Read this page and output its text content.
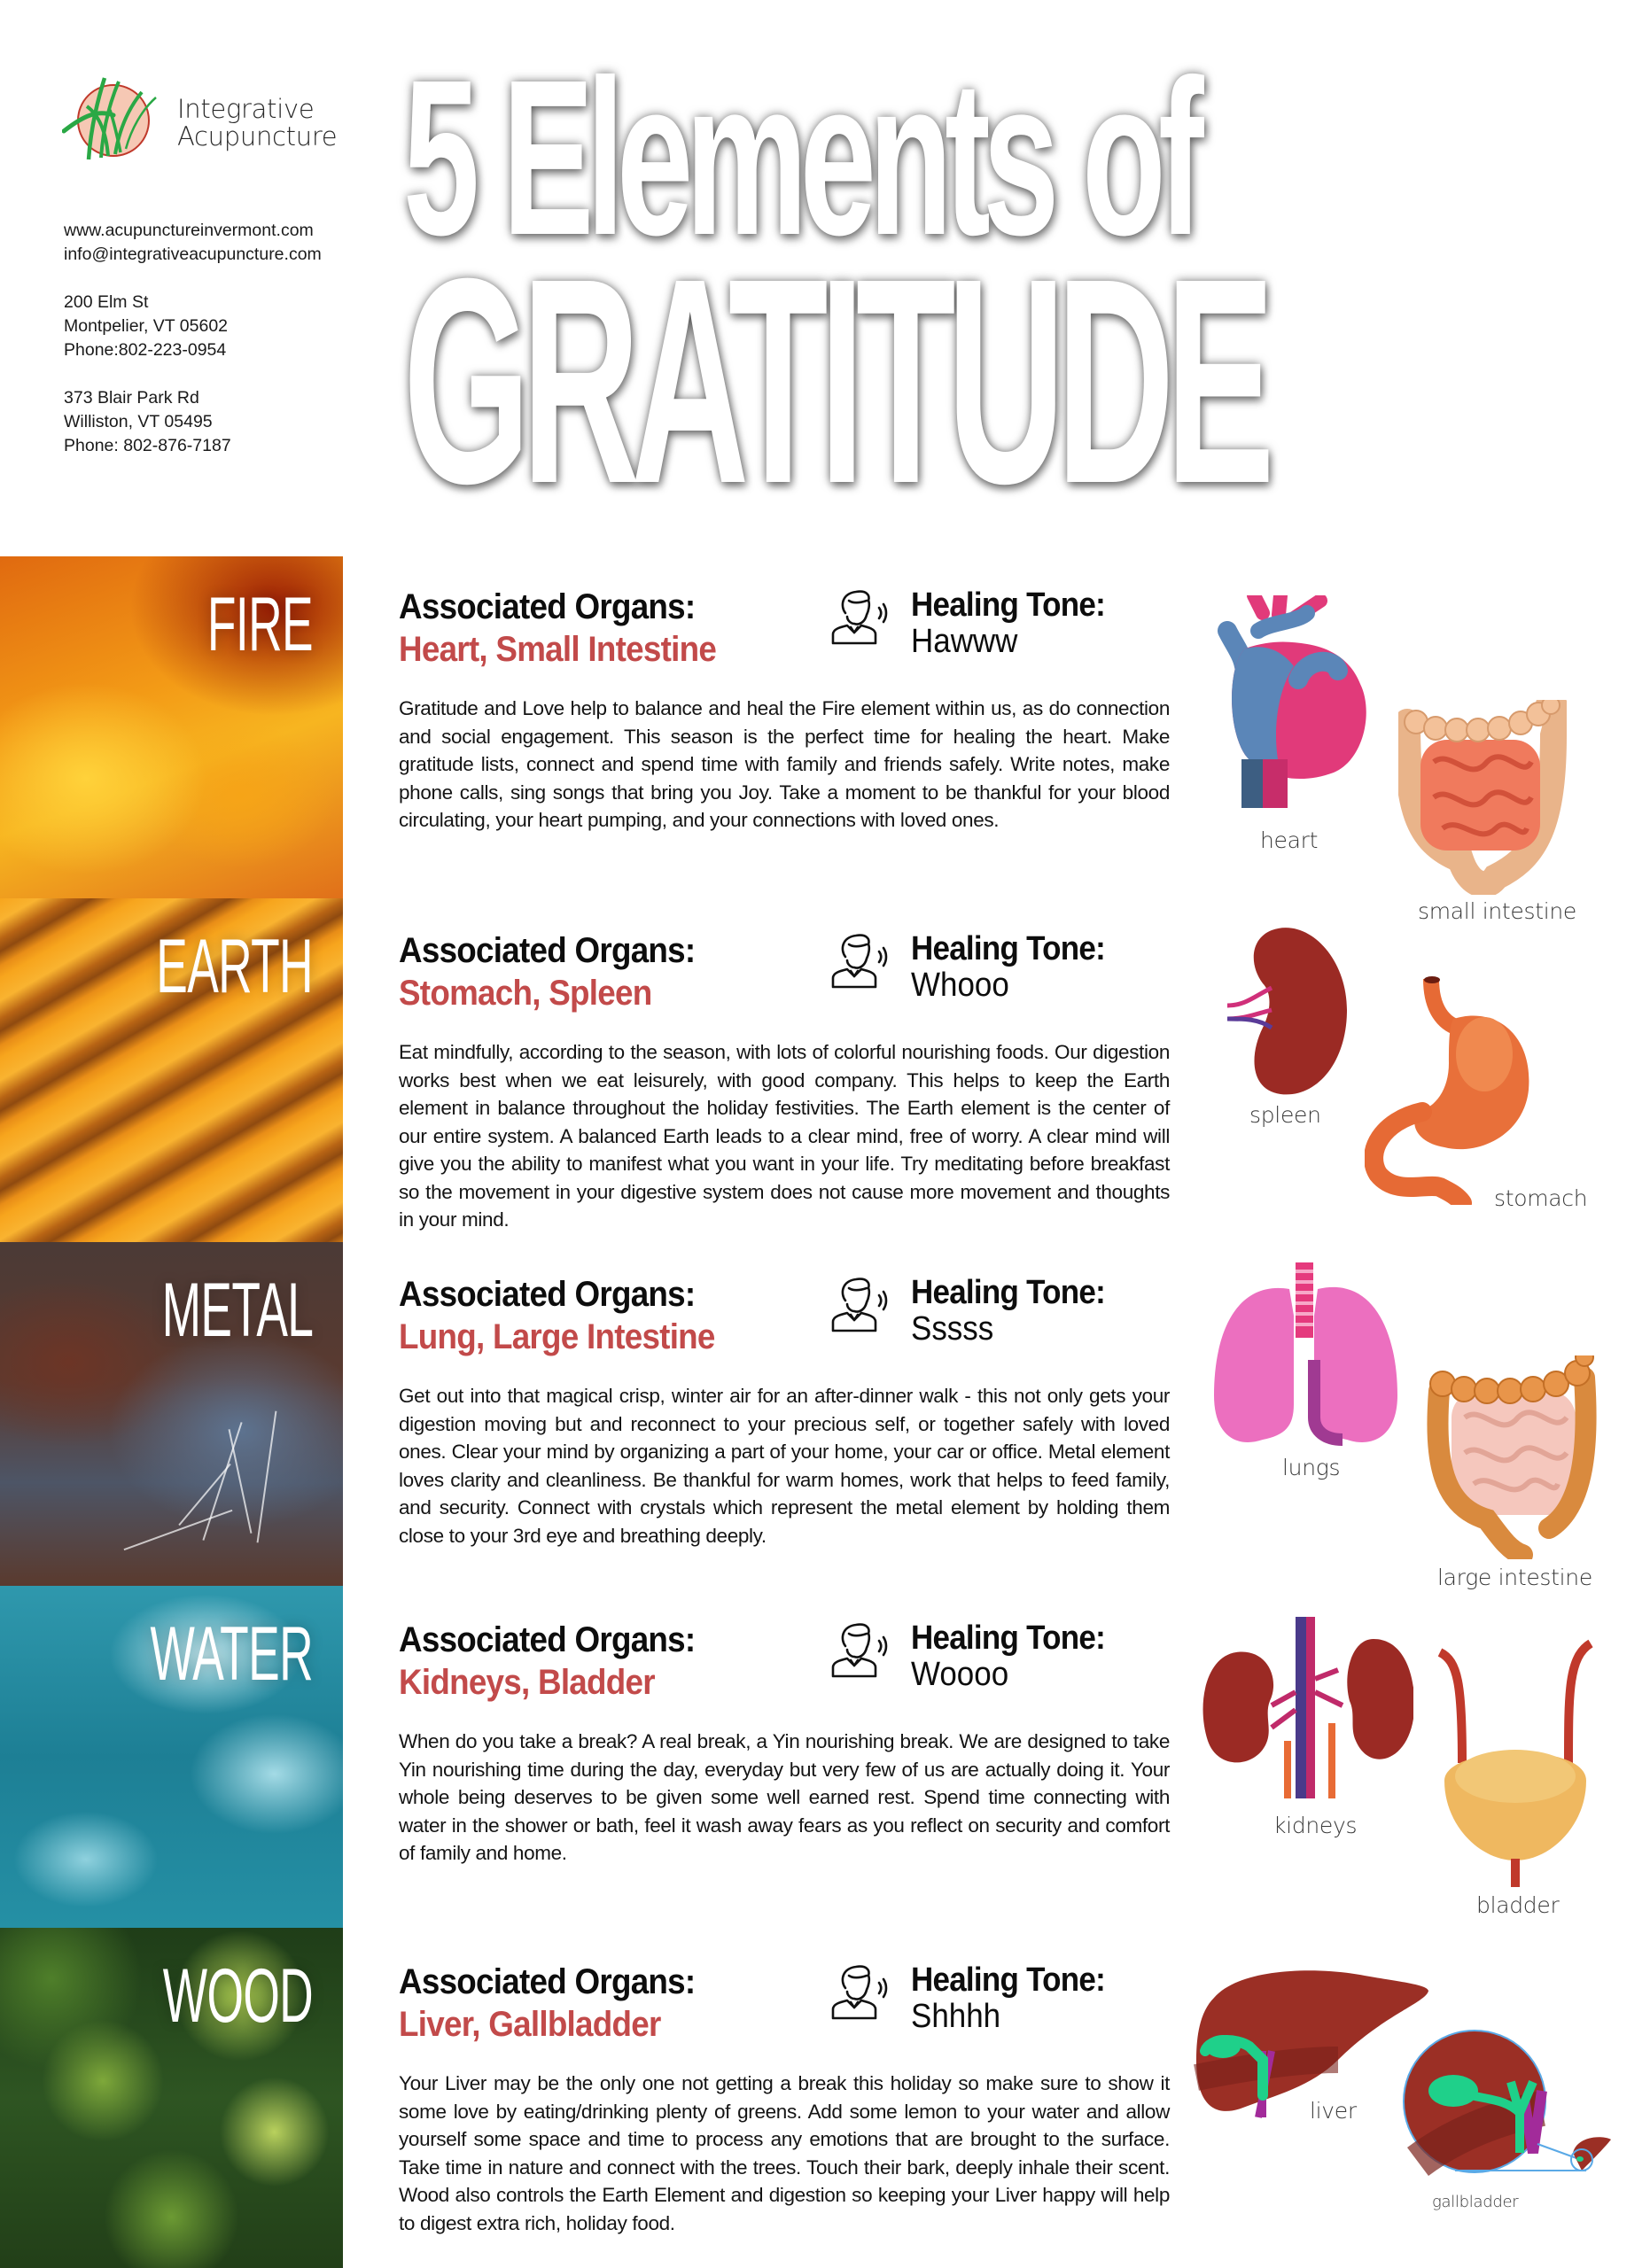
Integrative
Acupuncture
www.acupunctureinvermont.com
info@integrativeacupuncture.com
200 Elm St
Montpelier, VT 05602
Phone:802-223-0954
373 Blair Park Rd
Williston, VT 05495
Phone: 802-876-7187
5 Elements of
GRATITUDE
FIRE
EARTH
METAL
WATER
WOOD
Associated Organs:
Heart, Small Intestine
Healing Tone:
Hawww

Gratitude and Love help to balance and heal the Fire element within us, as do connection and social engagement. This season is the perfect time for healing the heart. Make gratitude lists, connect and spend time with family and friends safely. Write notes, make phone calls, sing songs that bring you Joy. Take a moment to be thankful for your blood circulating, your heart pumping, and your connections with loved ones.

Associated Organs:
Stomach, Spleen
Healing Tone:
Whooo

Eat mindfully, according to the season, with lots of colorful nourishing foods. Our digestion works best when we eat leisurely, with good company. This helps to keep the Earth element in balance throughout the holiday festivities. The Earth element is the center of our entire system. A balanced Earth leads to a clear mind, free of worry. A clear mind will give you the ability to manifest what you want in your life. Try meditating before breakfast so the movement in your digestive system does not cause more movement and thoughts in your mind.

Associated Organs:
Lung, Large Intestine
Healing Tone:
Sssss

Get out into that magical crisp, winter air for an after-dinner walk - this not only gets your digestion moving but and reconnect to your precious self, or together safely with loved ones. Clear your mind by organizing a part of your home, your car or office. Metal element loves clarity and cleanliness. Be thankful for warm homes, work that helps to feed family, and security. Connect with crystals which represent the metal element by holding them close to your 3rd eye and breathing deeply.

Associated Organs:
Kidneys, Bladder
Healing Tone:
Woooo

When do you take a break? A real break, a Yin nourishing break. We are designed to take Yin nourishing time during the day, everyday but very few of us are actually doing it. Your whole being deserves to be given some well earned rest. Spend time connecting with water in the shower or bath, feel it wash away fears as you reflect on security and comfort of family and home.

Associated Organs:
Liver, Gallbladder
Healing Tone:
Shhhh

Your Liver may be the only one not getting a break this holiday so make sure to show it some love by eating/drinking plenty of greens. Add some lemon to your water and allow yourself some space and time to process any emotions that are brought to the surface. Take time in nature and connect with the trees. Touch their bark, deeply inhale their scent. Wood also controls the Earth Element and digestion so keeping your Liver happy will help to digest extra rich, holiday food.

heart
small intestine
spleen
stomach
lungs
large intestine
kidneys
bladder
liver
gallbladder
